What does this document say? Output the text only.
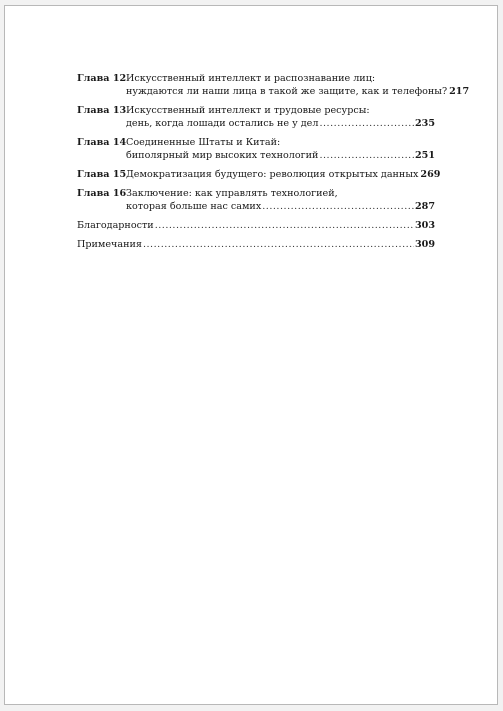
Глава 12 Искусственный интеллект и распознавание лиц:
нуждаются ли наши лица в такой же защите, как и телефоны? 217
Глава 13 Искусственный интеллект и трудовые ресурсы:
день, когда лошади остались не у дел .....	235
Глава 14 Соединенные Штаты и Китай:
биполярный мир высоких технологий .....	251
Глава 15 Демократизация будущего: революция открытых данных 269
Глава 16 Заключение: как управлять технологией,
которая больше нас самих .....	287
Благодарности .....	303
Примечания .....	309
